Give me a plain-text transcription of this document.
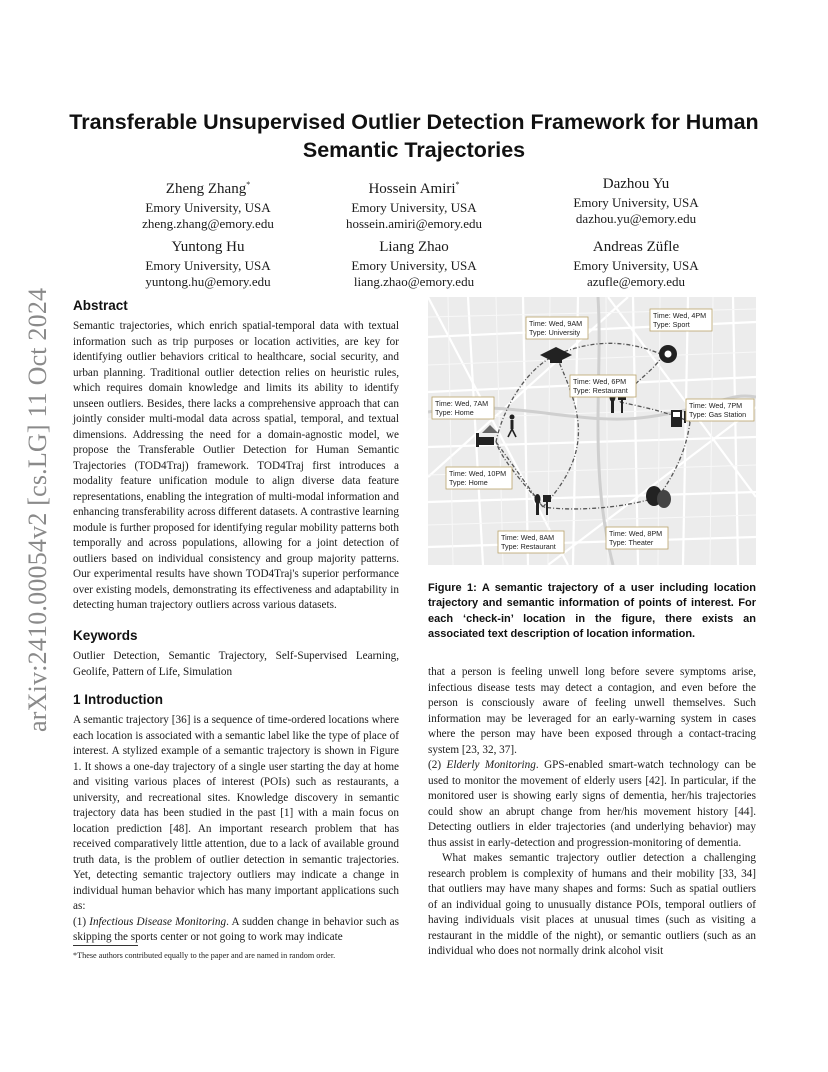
arXiv:2410.00054v2 [cs.LG] 11 Oct 2024
Transferable Unsupervised Outlier Detection Framework for Human Semantic Trajectories
Zheng Zhang*
Emory University, USA
zheng.zhang@emory.edu
Hossein Amiri*
Emory University, USA
hossein.amiri@emory.edu
Dazhou Yu
Emory University, USA
dazhou.yu@emory.edu
Yuntong Hu
Emory University, USA
yuntong.hu@emory.edu
Liang Zhao
Emory University, USA
liang.zhao@emory.edu
Andreas Züfle
Emory University, USA
azufle@emory.edu
Abstract

Semantic trajectories, which enrich spatial-temporal data with textual information such as trip purposes or location activities, are key for identifying outlier behaviors critical to healthcare, social security, and urban planning. Traditional outlier detection relies on heuristic rules, which requires domain knowledge and limits its ability to identify unseen outliers. Besides, there lacks a comprehensive approach that can jointly consider multi-modal data across spatial, temporal, and textual dimensions. Addressing the need for a domain-agnostic model, we propose the Transferable Outlier Detection for Human Semantic Trajectories (TOD4Traj) framework. TOD4Traj first introduces a modality feature unification module to align diverse data feature representations, enabling the integration of multi-modal information and enhancing transferability across different datasets. A contrastive learning module is further proposed for identifying regular mobility patterns both temporally and across populations, allowing for a joint detection of outliers based on individual consistency and group majority patterns. Our experimental results have shown TOD4Traj's superior performance over existing models, demonstrating its effectiveness and adaptability in detecting human trajectory outliers across various datasets.

Keywords
Outlier Detection, Semantic Trajectory, Self-Supervised Learning, Geolife, Pattern of Life, Simulation
1 Introduction

A semantic trajectory [36] is a sequence of time-ordered locations where each location is associated with a semantic label like the type of place of interest. A stylized example of a semantic trajectory is shown in Figure 1. It shows a one-day trajectory of a single user starting the day at home and visiting various places of interest (POIs) such as restaurants, a university, and recreational sites. Knowledge discovery in semantic trajectory data has been studied in the past [1] with a main focus on location prediction [48]. An important research problem that has received comparatively little attention, due to a lack of available ground truth data, is the problem of outlier detection in semantic trajectories. Yet, detecting semantic trajectory outliers may indicate a change in individual human behavior which has many important applications such as:

(1) Infectious Disease Monitoring. A sudden change in behavior such as skipping the sports center or not going to work may indicate

*These authors contributed equally to the paper and are named in random order.
Time: Wed, 9AM
Type: University
Time: Wed, 4PM
Type: Sport
Time: Wed, 6PM
Type: Restaurant
Time: Wed, 7AM
Type: Home
Time: Wed, 7PM
Type: Gas Station
Time: Wed, 10PM
Type: Home
Time: Wed, 8AM
Type: Restaurant
Time: Wed, 8PM
Type: Theater
Figure 1: A semantic trajectory of a user including location trajectory and semantic information of points of interest. For each ‘check-in’ location in the figure, there exists an associated text description of location information.

that a person is feeling unwell long before severe symptoms arise, infectious disease tests may detect a contagion, and even before the person is consciously aware of feeling unwell themselves. Such information may be leveraged for an early-warning system in cases where the person may have been exposed through a contact-tracing system [23, 32, 37].

(2) Elderly Monitoring. GPS-enabled smart-watch technology can be used to monitor the movement of elderly users [42]. In particular, if the monitored user is showing early signs of dementia, her/his trajectories could show an abrupt change from her/his movement history [44]. Detecting outliers in elder trajectories (and underlying behavior) may thus assist in early-detection and progression-monitoring of dementia.

What makes semantic trajectory outlier detection a challenging research problem is complexity of humans and their mobility [33, 34] that outliers may have many shapes and forms: Such as spatial outliers of an individual going to unusually distance POIs, temporal outliers of having individuals visit places at unusual times (such as visiting a restaurant in the middle of the night), or semantic outliers (such as an individual who does not normally drink alcohol visit
